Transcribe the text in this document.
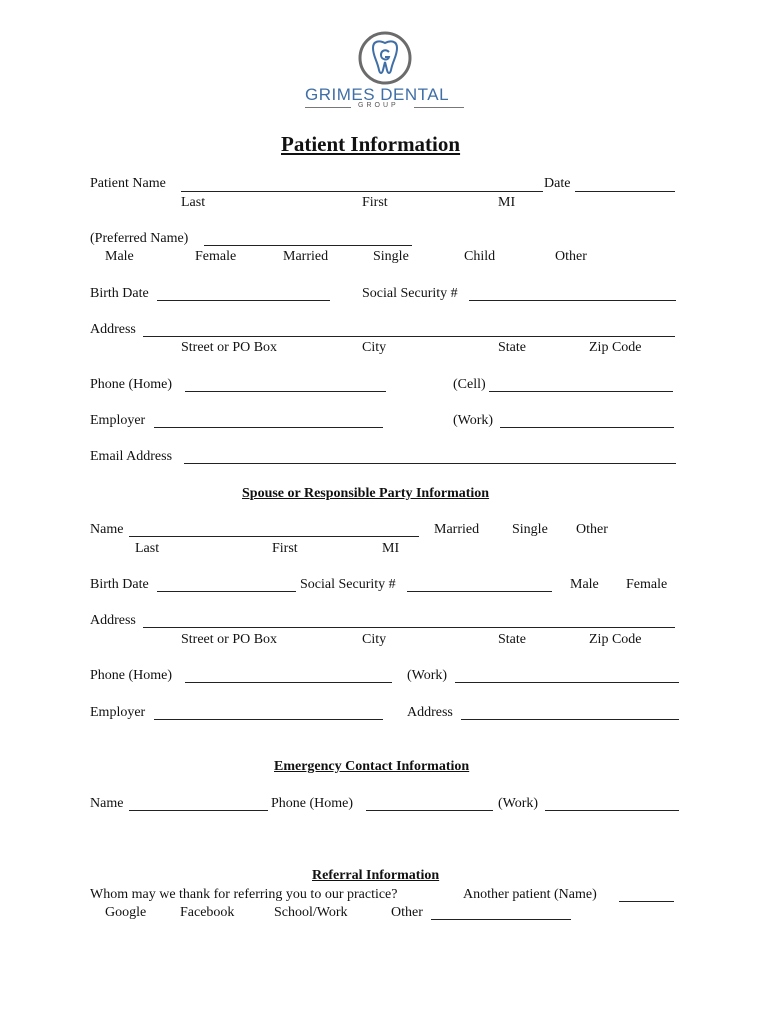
GRIMES DENTAL
GROUP
Patient Information
Patient Name	Date
Last	First	MI
(Preferred Name)
Male	Female	Married	Single	Child	Other
Birth Date	Social Security #
Address
Street or PO Box	City	State	Zip Code
Phone (Home)	(Cell)
Employer	(Work)
Email Address
Spouse or Responsible Party Information
Name	Married Single Other
Last	First	MI
Birth Date	Social Security #	Male Female
Address
Street or PO Box	City	State	Zip Code
Phone (Home)	(Work)
Employer	Address
Emergency Contact Information
Name	Phone (Home)	(Work)
Referral Information
Whom may we thank for referring you to our practice?	Another patient (Name)
Google Facebook	School/Work	Other
